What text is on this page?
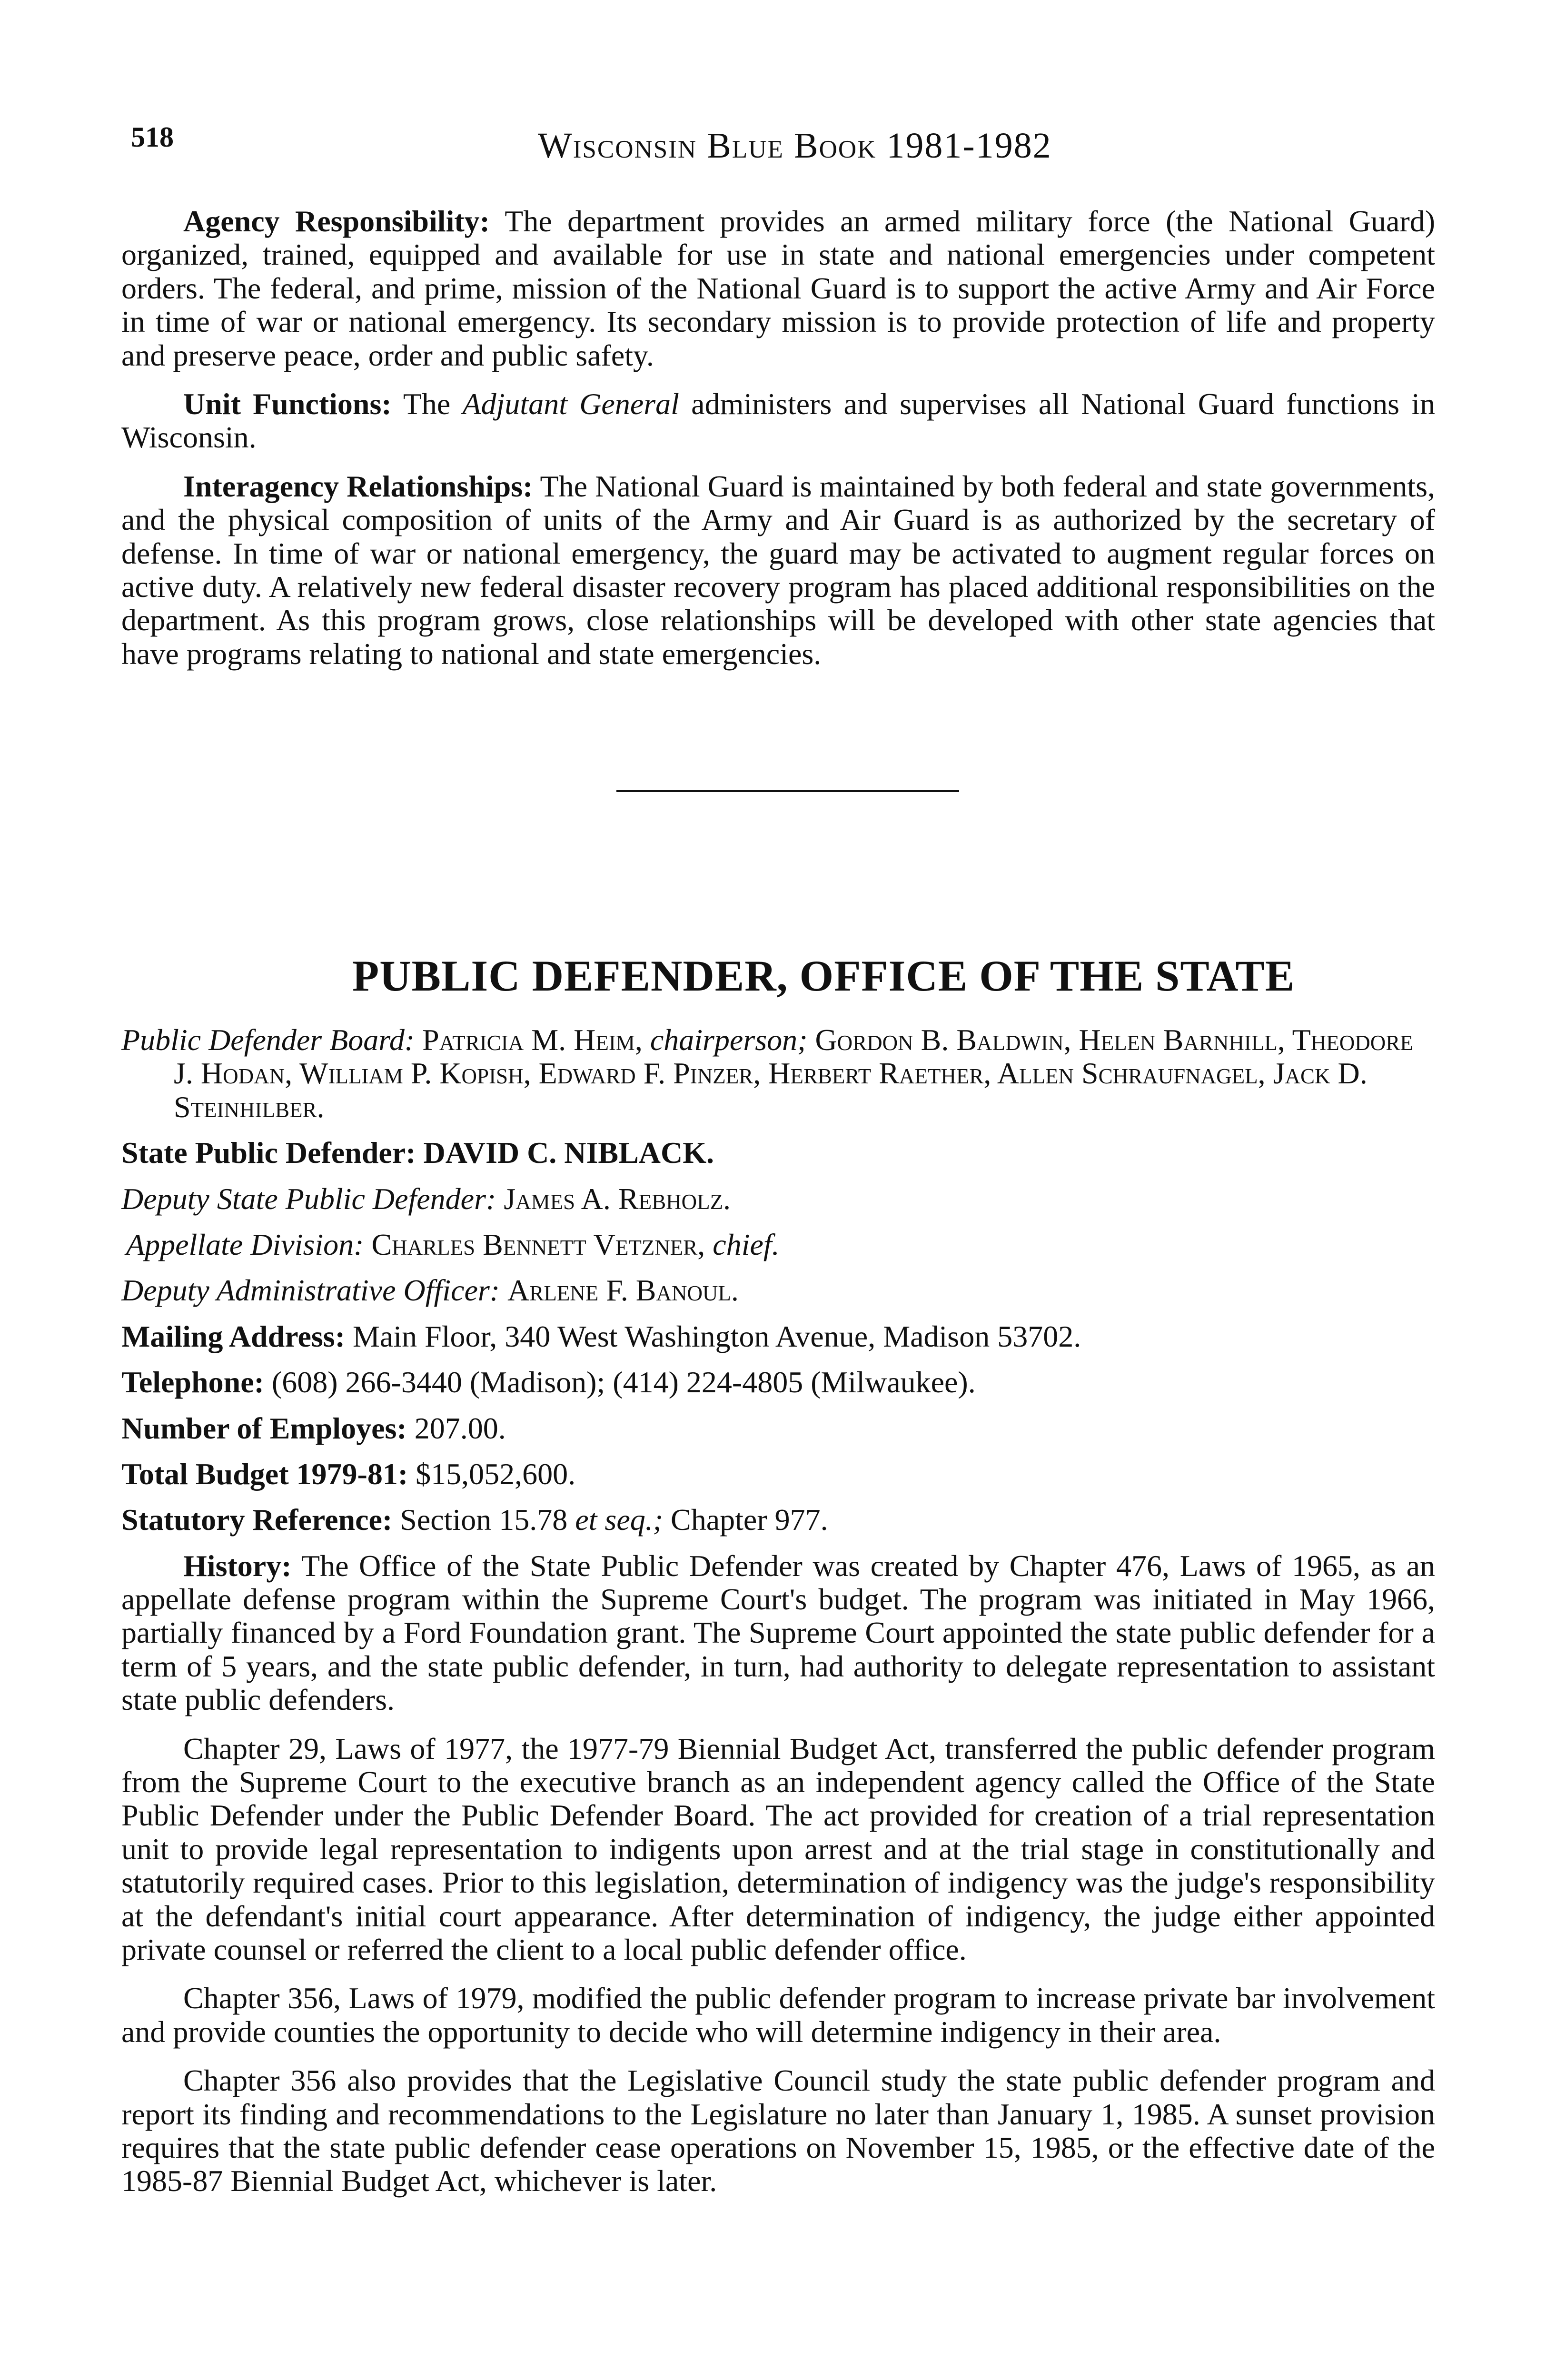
518	Wisconsin Blue Book 1981-1982

Agency Responsibility: The department provides an armed military force (the National Guard) organized, trained, equipped and available for use in state and national emergencies under competent orders. The federal, and prime, mission of the National Guard is to support the active Army and Air Force in time of war or national emergency. Its secondary mission is to provide protection of life and property and preserve peace, order and public safety.

Unit Functions: The Adjutant General administers and supervises all National Guard functions in Wisconsin.

Interagency Relationships: The National Guard is maintained by both federal and state governments, and the physical composition of units of the Army and Air Guard is as authorized by the secretary of defense. In time of war or national emergency, the guard may be activated to augment regular forces on active duty. A relatively new federal disaster recovery program has placed additional responsibilities on the department. As this program grows, close relationships will be developed with other state agencies that have programs relating to national and state emergencies.

PUBLIC DEFENDER, OFFICE OF THE STATE

Public Defender Board: Patricia M. Heim, chairperson; Gordon B. Baldwin, Helen Barnhill, Theodore J. Hodan, William P. Kopish, Edward F. Pinzer, Herbert Raether, Allen Schraufnagel, Jack D. Steinhilber.

State Public Defender: DAVID C. NIBLACK.

Deputy State Public Defender: James A. Rebholz.

Appellate Division: Charles Bennett Vetzner, chief.

Deputy Administrative Officer: Arlene F. Banoul.

Mailing Address: Main Floor, 340 West Washington Avenue, Madison 53702.

Telephone: (608) 266-3440 (Madison); (414) 224-4805 (Milwaukee).

Number of Employes: 207.00.

Total Budget 1979-81: $15,052,600.

Statutory Reference: Section 15.78 et seq.; Chapter 977.

History: The Office of the State Public Defender was created by Chapter 476, Laws of 1965, as an appellate defense program within the Supreme Court's budget. The program was initiated in May 1966, partially financed by a Ford Foundation grant. The Supreme Court appointed the state public defender for a term of 5 years, and the state public defender, in turn, had authority to delegate representation to assistant state public defenders.

Chapter 29, Laws of 1977, the 1977-79 Biennial Budget Act, transferred the public defender program from the Supreme Court to the executive branch as an independent agency called the Office of the State Public Defender under the Public Defender Board. The act provided for creation of a trial representation unit to provide legal representation to indigents upon arrest and at the trial stage in constitutionally and statutorily required cases. Prior to this legislation, determination of indigency was the judge's responsibility at the defendant's initial court appearance. After determination of indigency, the judge either appointed private counsel or referred the client to a local public defender office.

Chapter 356, Laws of 1979, modified the public defender program to increase private bar involvement and provide counties the opportunity to decide who will determine indigency in their area.

Chapter 356 also provides that the Legislative Council study the state public defender program and report its finding and recommendations to the Legislature no later than January 1, 1985. A sunset provision requires that the state public defender cease operations on November 15, 1985, or the effective date of the 1985-87 Biennial Budget Act, whichever is later.
